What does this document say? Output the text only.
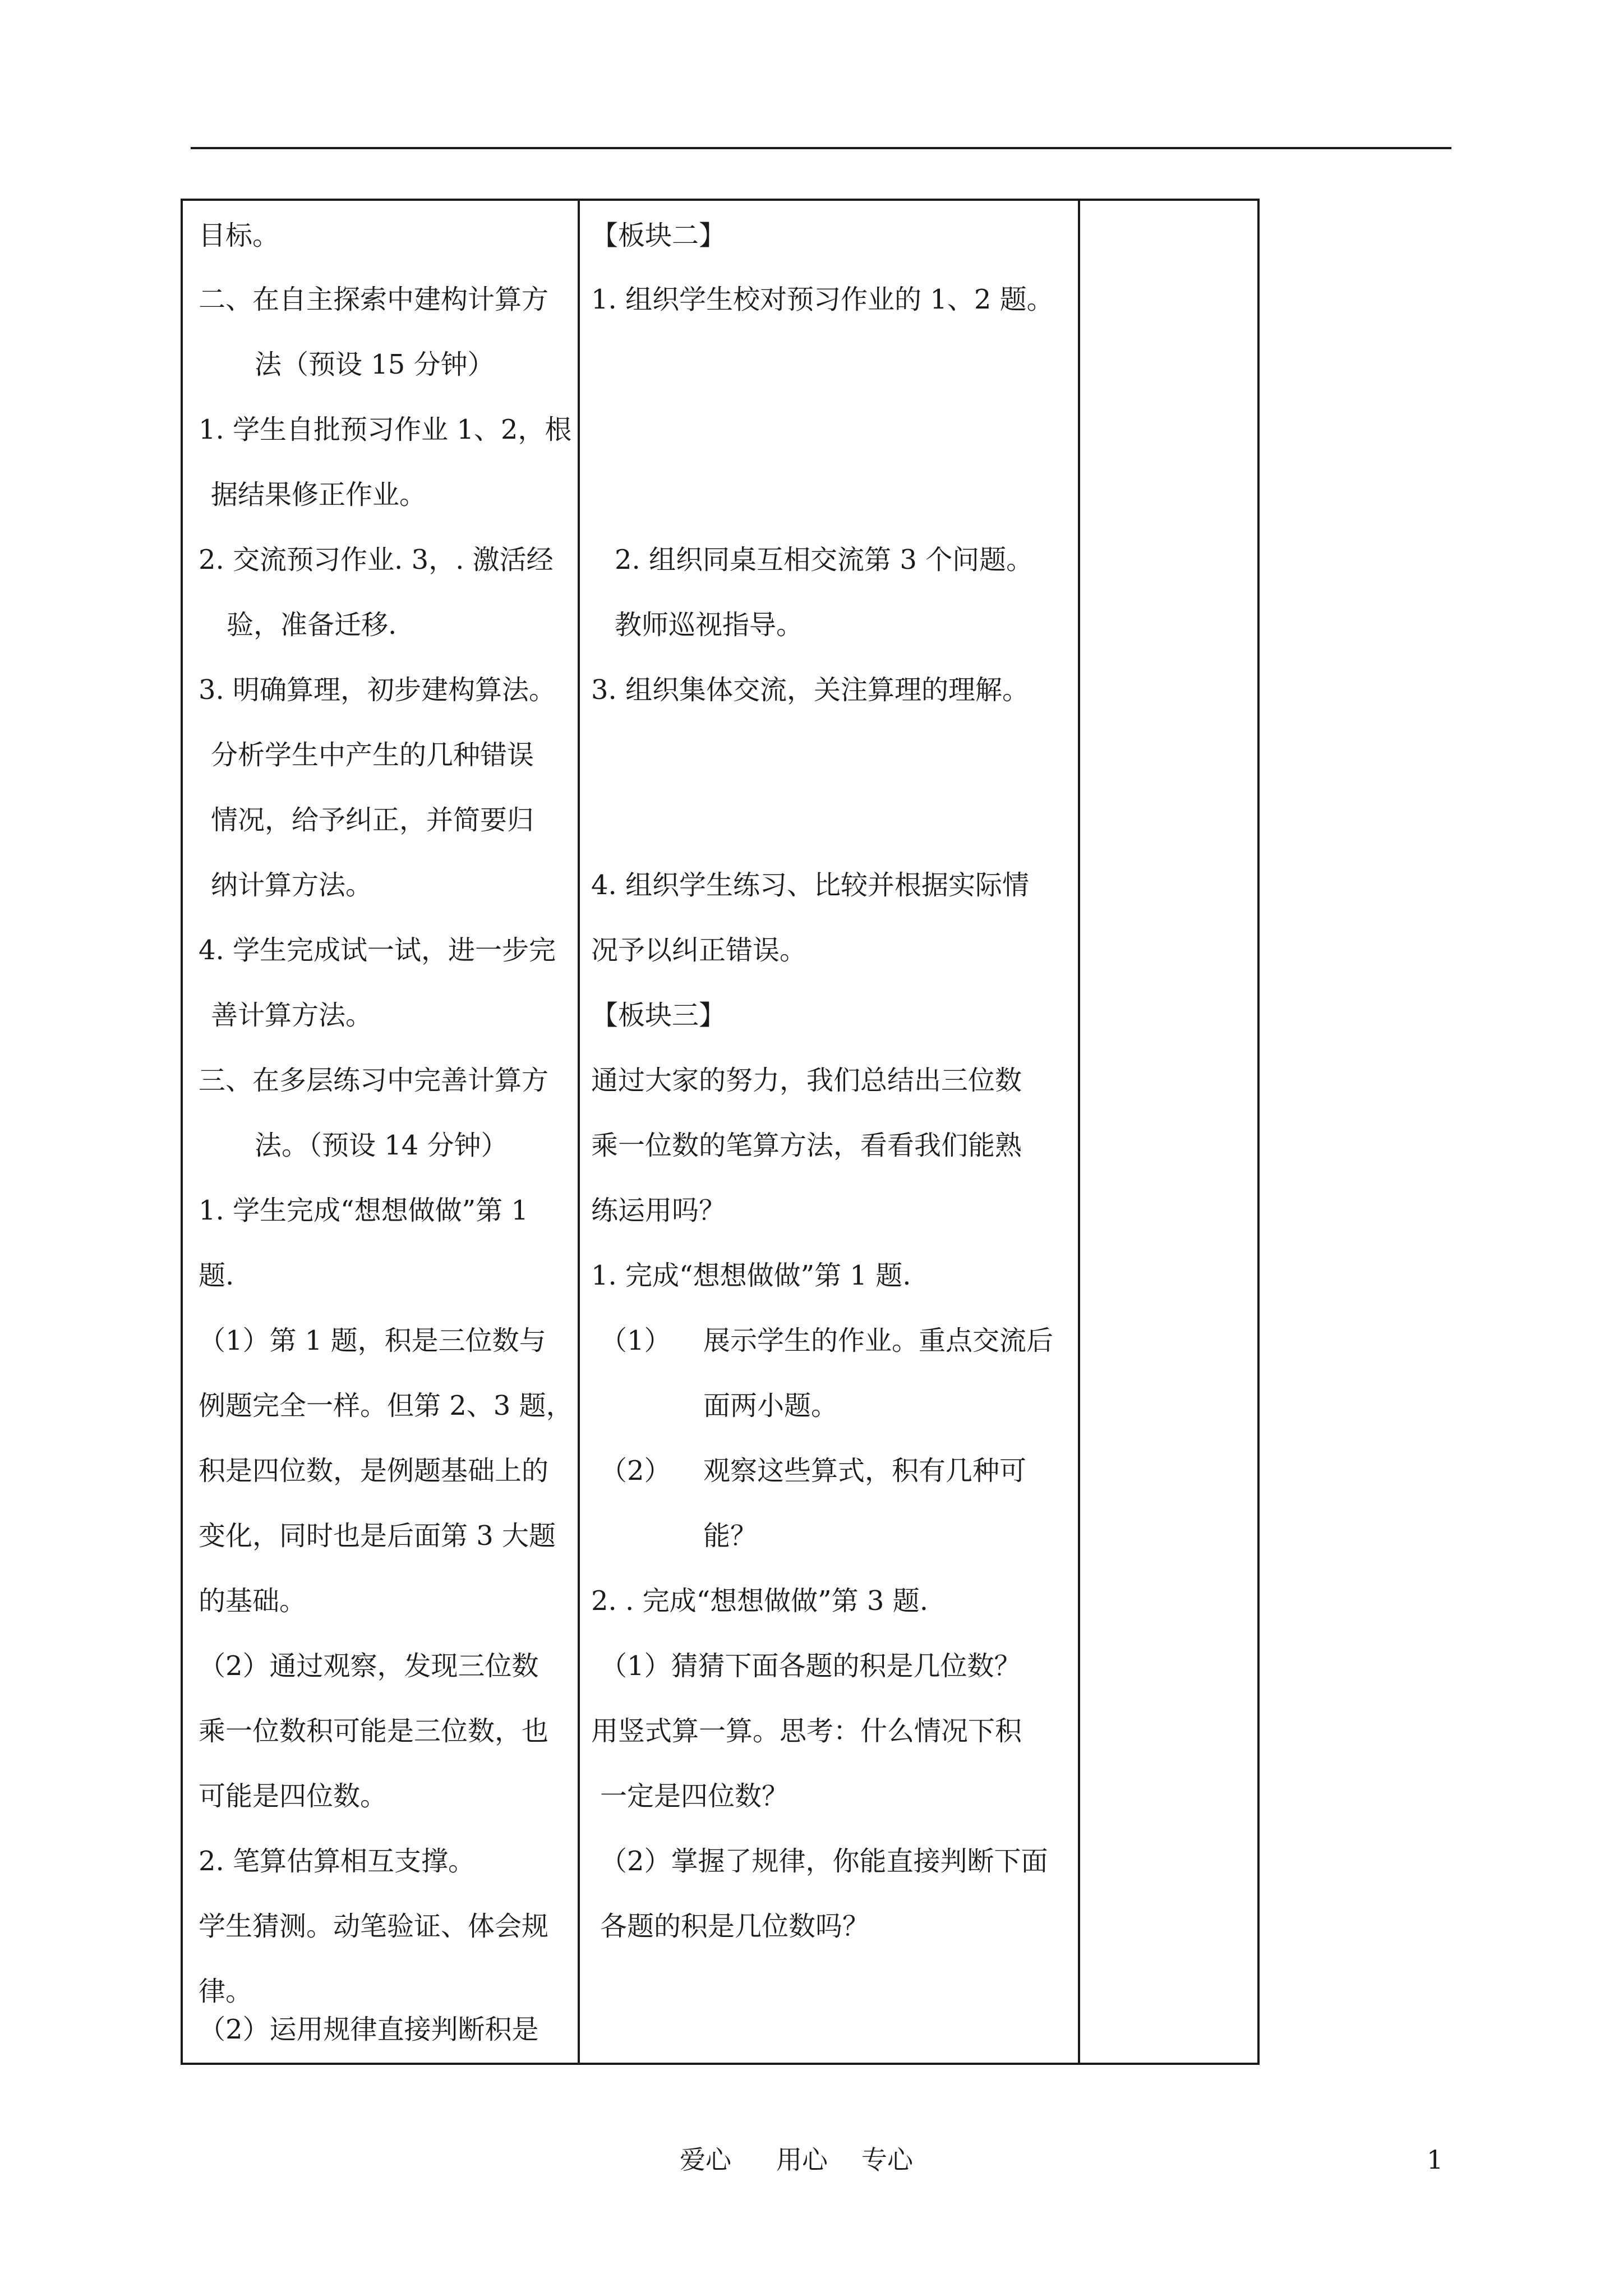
目标。
二、在自主探索中建构计算方
法（预设 15 分钟）
1. 学生自批预习作业 1、2，根
据结果修正作业。
2. 交流预习作业. 3，. 激活经
验，准备迁移.
3. 明确算理，初步建构算法。
分析学生中产生的几种错误
情况，给予纠正，并简要归
纳计算方法。
4. 学生完成试一试，进一步完
善计算方法。
三、在多层练习中完善计算方
法。（预设 14 分钟）
1. 学生完成“想想做做”第 1
题.
（1）第 1 题，积是三位数与
例题完全一样。但第 2、3 题，
积是四位数，是例题基础上的
变化，同时也是后面第 3 大题
的基础。
（2）通过观察，发现三位数
乘一位数积可能是三位数，也
可能是四位数。
2. 笔算估算相互支撑。
学生猜测。动笔验证、体会规
律。
（2）运用规律直接判断积是
【板块二】
1. 组织学生校对预习作业的 1、2 题。
2. 组织同桌互相交流第 3 个问题。
教师巡视指导。
3. 组织集体交流，关注算理的理解。
4. 组织学生练习、比较并根据实际情
况予以纠正错误。
【板块三】
通过大家的努力，我们总结出三位数
乘一位数的笔算方法，看看我们能熟
练运用吗？
1. 完成“想想做做”第 1 题.
（1） 展示学生的作业。重点交流后
面两小题。
（2） 观察这些算式，积有几种可
能？
2. . 完成“想想做做”第 3 题.
（1）猜猜下面各题的积是几位数？
用竖式算一算。思考：什么情况下积
一定是四位数？
（2）掌握了规律，你能直接判断下面
各题的积是几位数吗？
爱心 用心 专心	1
